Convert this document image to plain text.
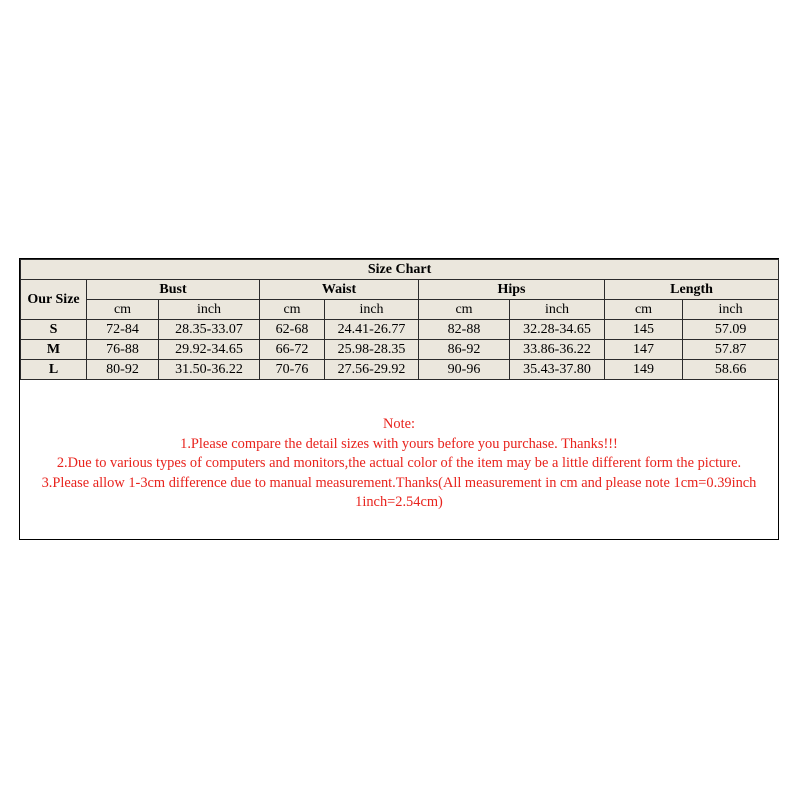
Size Chart								
Our Size	Bust		Waist		Hips		Length	
	cm	inch	cm	inch	cm	inch	cm	inch
S	72-84	28.35-33.07	62-68	24.41-26.77	82-88	32.28-34.65	145	57.09
M	76-88	29.92-34.65	66-72	25.98-28.35	86-92	33.86-36.22	147	57.87
L	80-92	31.50-36.22	70-76	27.56-29.92	90-96	35.43-37.80	149	58.66
Note:
1.Please compare the detail sizes with yours before you purchase. Thanks!!!
2.Due to various types of computers and monitors,the actual color of the item may be a little different form the picture.
3.Please allow 1-3cm difference due to manual measurement.Thanks(All measurement in cm and please note 1cm=0.39inch
1inch=2.54cm)
